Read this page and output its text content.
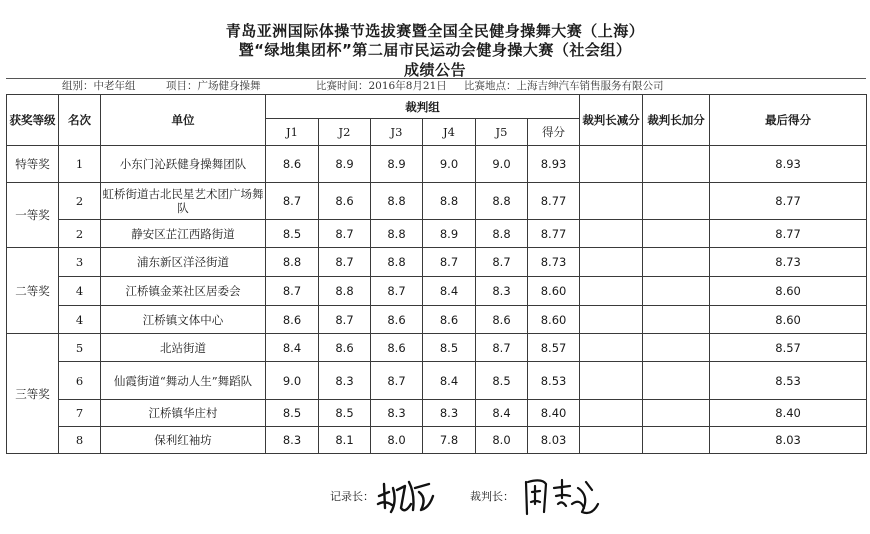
青岛亚洲国际体操节选拔赛暨全国全民健身操舞大赛（上海）
暨“绿地集团杯”第二届市民运动会健身操大赛（社会组）
成绩公告
组别：中老年组	项目：广场健身操舞	比赛时间：2016年8月21日 比赛地点：上海吉绅汽车销售服务有限公司
获奖等级	名次	单位	裁判组						裁判长减分	裁判长加分	最后得分
			J1	J2	J3	J4	J5	得分			
特等奖	1	小东门沁跃健身操舞团队	8.6	8.9	8.9	9.0	9.0	8.93			8.93
一等奖	2	虹桥街道古北民星艺术团广场舞队	8.7	8.6	8.8	8.8	8.8	8.77			8.77
	2	静安区芷江西路街道	8.5	8.7	8.8	8.9	8.8	8.77			8.77
二等奖	3	浦东新区洋泾街道	8.8	8.7	8.8	8.7	8.7	8.73			8.73
	4	江桥镇金莱社区居委会	8.7	8.8	8.7	8.4	8.3	8.60			8.60
	4	江桥镇文体中心	8.6	8.7	8.6	8.6	8.6	8.60			8.60
三等奖	5	北站街道	8.4	8.6	8.6	8.5	8.7	8.57			8.57
	6	仙霞街道“舞动人生”舞蹈队	9.0	8.3	8.7	8.4	8.5	8.53			8.53
	7	江桥镇华庄村	8.5	8.5	8.3	8.3	8.4	8.40			8.40
	8	保利红袖坊	8.3	8.1	8.0	7.8	8.0	8.03			8.03
记录长：	裁判长：
